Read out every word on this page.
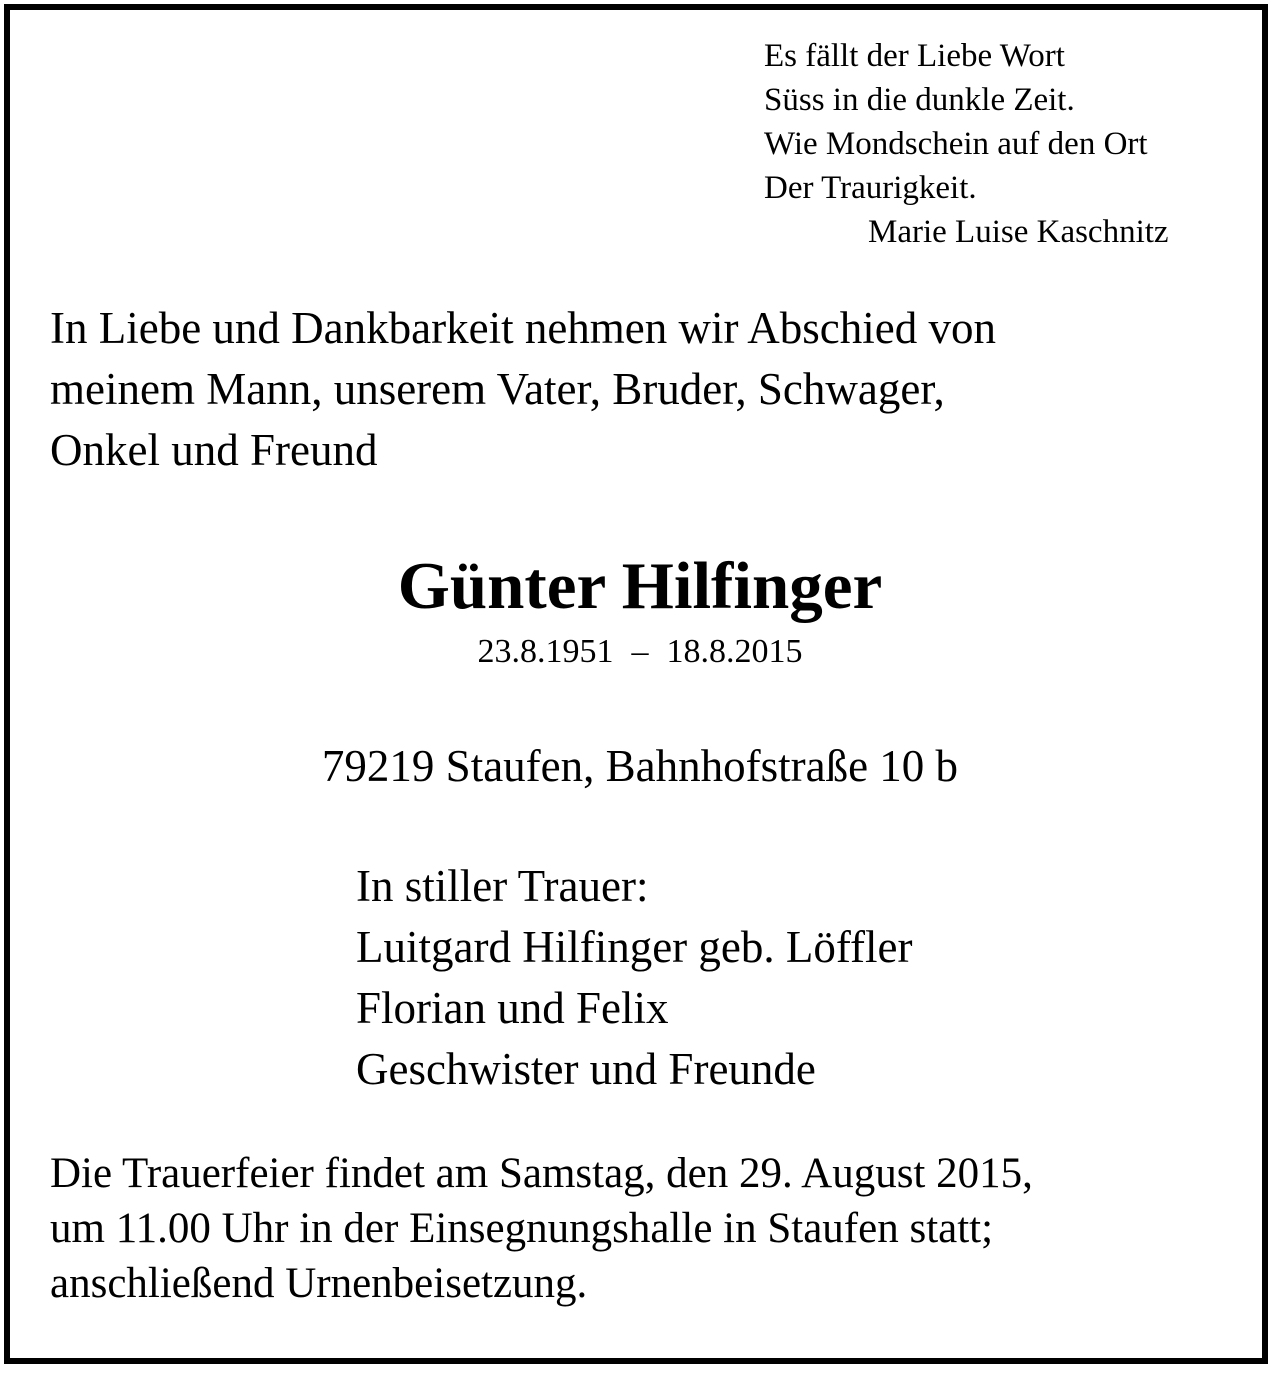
Es fällt der Liebe Wort
Süss in die dunkle Zeit.
Wie Mondschein auf den Ort
Der Traurigkeit.
Marie Luise Kaschnitz
In Liebe und Dankbarkeit nehmen wir Abschied von
meinem Mann, unserem Vater, Bruder, Schwager,
Onkel und Freund
Günter Hilfinger
23.8.1951 – 18.8.2015
79219 Staufen, Bahnhofstraße 10 b
In stiller Trauer:
Luitgard Hilfinger geb. Löffler
Florian und Felix
Geschwister und Freunde
Die Trauerfeier findet am Samstag, den 29. August 2015,
um 11.00 Uhr in der Einsegnungshalle in Staufen statt;
anschließend Urnenbeisetzung.
